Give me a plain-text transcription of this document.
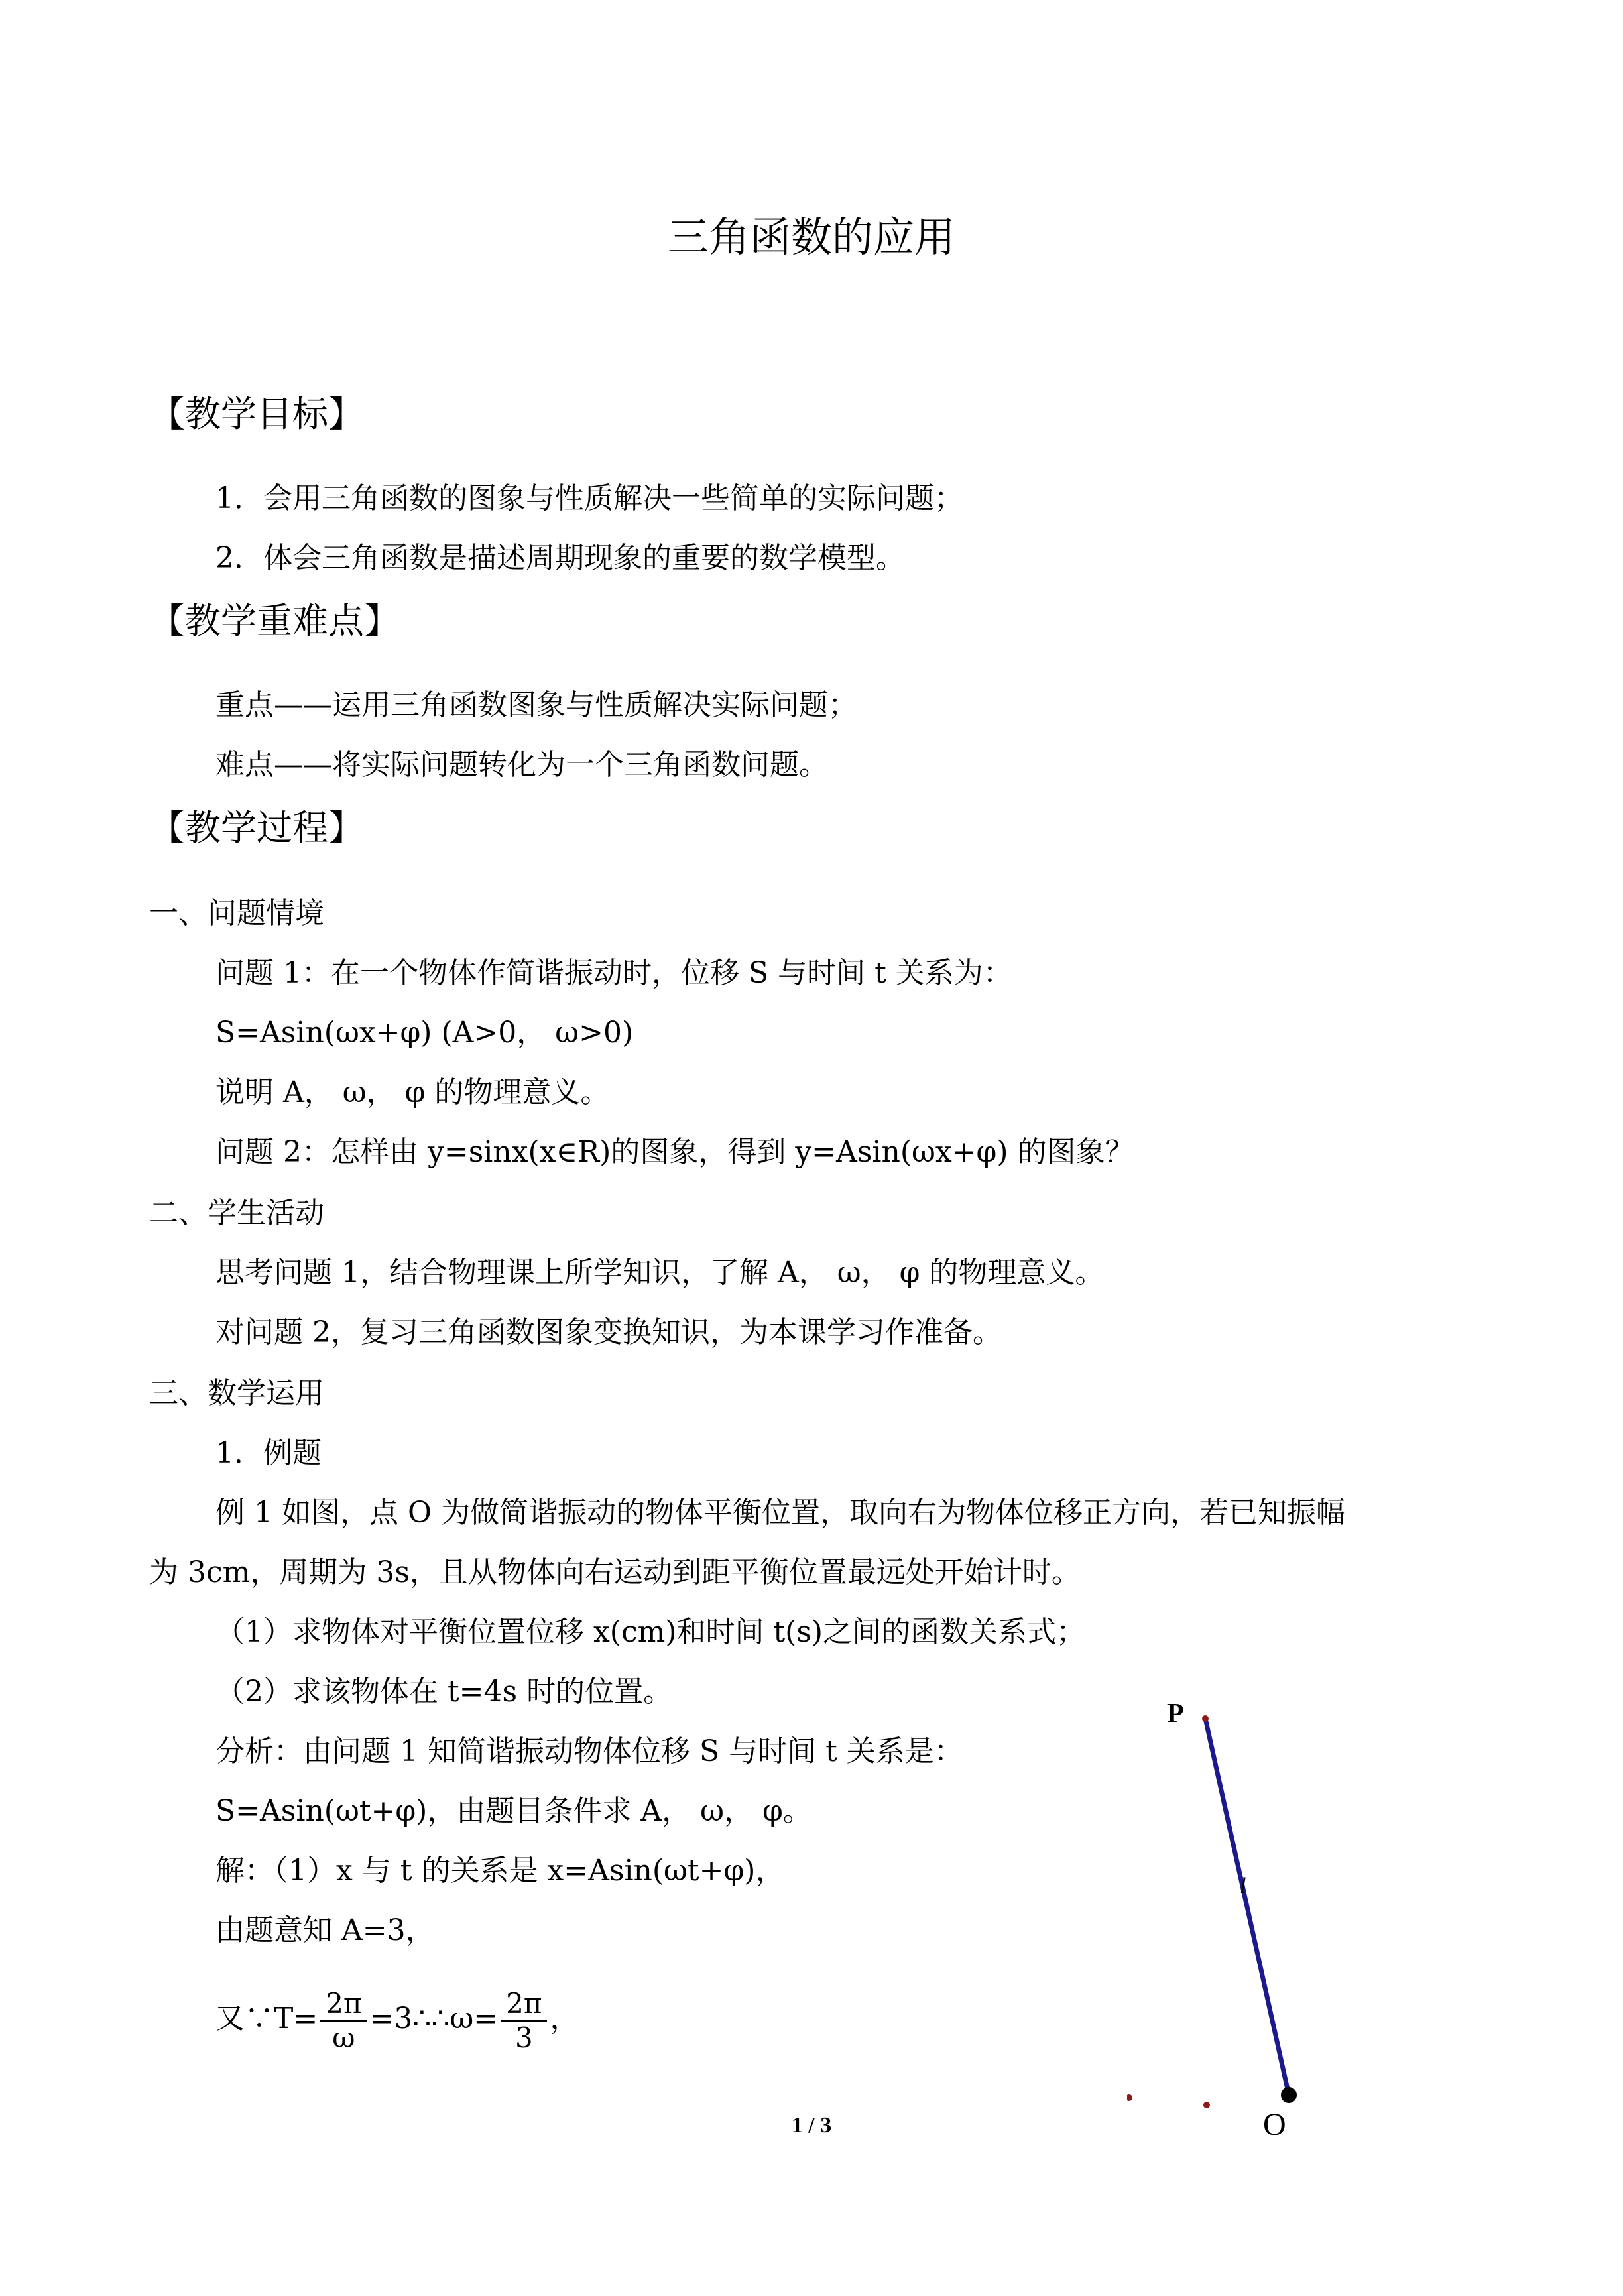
三角函数的应用
【教学目标】
1．会用三角函数的图象与性质解决一些简单的实际问题；
2．体会三角函数是描述周期现象的重要的数学模型。
【教学重难点】
重点——运用三角函数图象与性质解决实际问题；
难点——将实际问题转化为一个三角函数问题。
【教学过程】
一、问题情境
问题 1：在一个物体作简谐振动时，位移 S 与时间 t 关系为：
S=Asin(ωx+φ) (A>0， ω>0)
说明 A， ω， φ 的物理意义。
问题 2：怎样由 y=sinx(x∈R)的图象，得到 y=Asin(ωx+φ) 的图象？
二、学生活动
思考问题 1，结合物理课上所学知识，了解 A， ω， φ 的物理意义。
对问题 2，复习三角函数图象变换知识，为本课学习作准备。
三、数学运用
1．例题
例 1 如图，点 O 为做简谐振动的物体平衡位置，取向右为物体位移正方向，若已知振幅
为 3cm，周期为 3s，且从物体向右运动到距平衡位置最远处开始计时。
（1）求物体对平衡位置位移 x(cm)和时间 t(s)之间的函数关系式；
（2）求该物体在 t=4s 时的位置。
分析：由问题 1 知简谐振动物体位移 S 与时间 t 关系是：
S=Asin(ωt+φ)，由题目条件求 A， ω， φ。
解：（1）x 与 t 的关系是 x=Asin(ωt+φ)，
由题意知 A=3，
又∵T= $\frac{2\pi}{\omega}$ =3∴∴ω= $\frac{2\pi}{3}$ ，
P
l
O
1 / 3
